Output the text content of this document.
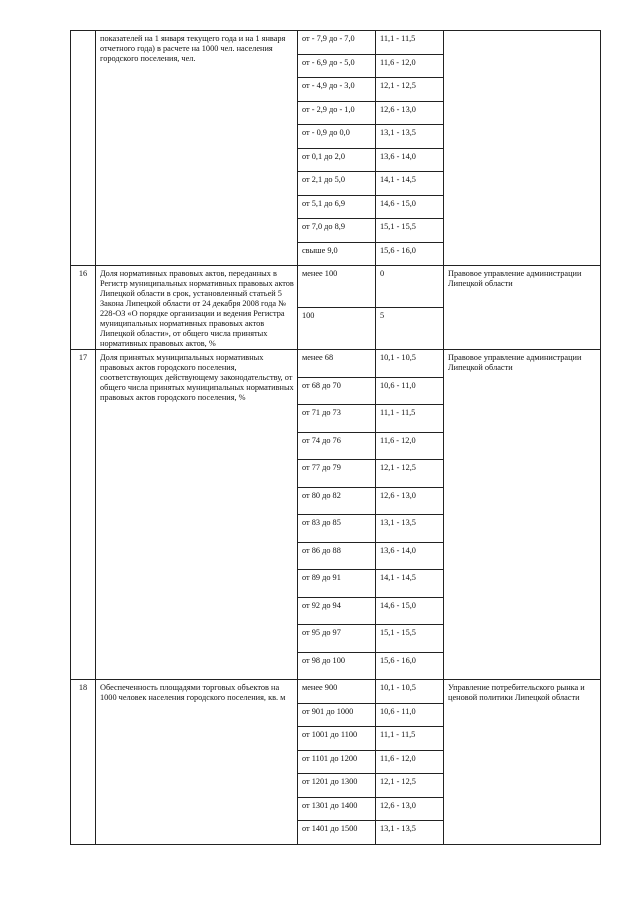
	показателей на 1 января текущего года и на 1 января отчетного года) в расчете на 1000 чел. населения городского поселения, чел.	от - 7,9 до - 7,0	11,1 - 11,5	
		от - 6,9 до - 5,0	11,6 - 12,0	
		от - 4,9 до - 3,0	12,1 - 12,5	
		от - 2,9 до - 1,0	12,6 - 13,0	
		от - 0,9 до 0,0	13,1 - 13,5	
		от 0,1 до 2,0	13,6 - 14,0	
		от 2,1 до 5,0	14,1 - 14,5	
		от 5,1 до 6,9	14,6 - 15,0	
		от 7,0 до 8,9	15,1 - 15,5	
		свыше 9,0	15,6 - 16,0	
16	Доля нормативных правовых актов, переданных в Регистр муниципальных нормативных правовых актов Липецкой области в срок, установленный статьей 5 Закона Липецкой области от 24 декабря 2008 года № 228-ОЗ «О порядке организации и ведения Регистра муниципальных нормативных правовых актов Липецкой области», от общего числа принятых нормативных правовых актов, %	менее 100	0	Правовое управление администрации Липецкой области
		100	5	
17	Доля принятых муниципальных нормативных правовых актов городского поселения, соответствующих действующему законодательству, от общего числа принятых муниципальных нормативных правовых актов городского поселения, %	менее 68	10,1 - 10,5	Правовое управление администрации Липецкой области
		от 68 до 70	10,6 - 11,0	
		от 71 до 73	11,1 - 11,5	
		от 74 до 76	11,6 - 12,0	
		от 77 до 79	12,1 - 12,5	
		от 80 до 82	12,6 - 13,0	
		от 83 до 85	13,1 - 13,5	
		от 86 до 88	13,6 - 14,0	
		от 89 до 91	14,1 - 14,5	
		от 92 до 94	14,6 - 15,0	
		от 95 до 97	15,1 - 15,5	
		от 98 до 100	15,6 - 16,0	
18	Обеспеченность площадями торговых объектов на 1000 человек населения городского поселения, кв. м	менее 900	10,1 - 10,5	Управление потребительского рынка и ценовой политики Липецкой области
		от 901 до 1000	10,6 - 11,0	
		от 1001 до 1100	11,1 - 11,5	
		от 1101 до 1200	11,6 - 12,0	
		от 1201 до 1300	12,1 - 12,5	
		от 1301 до 1400	12,6 - 13,0	
		от 1401 до 1500	13,1 - 13,5	
